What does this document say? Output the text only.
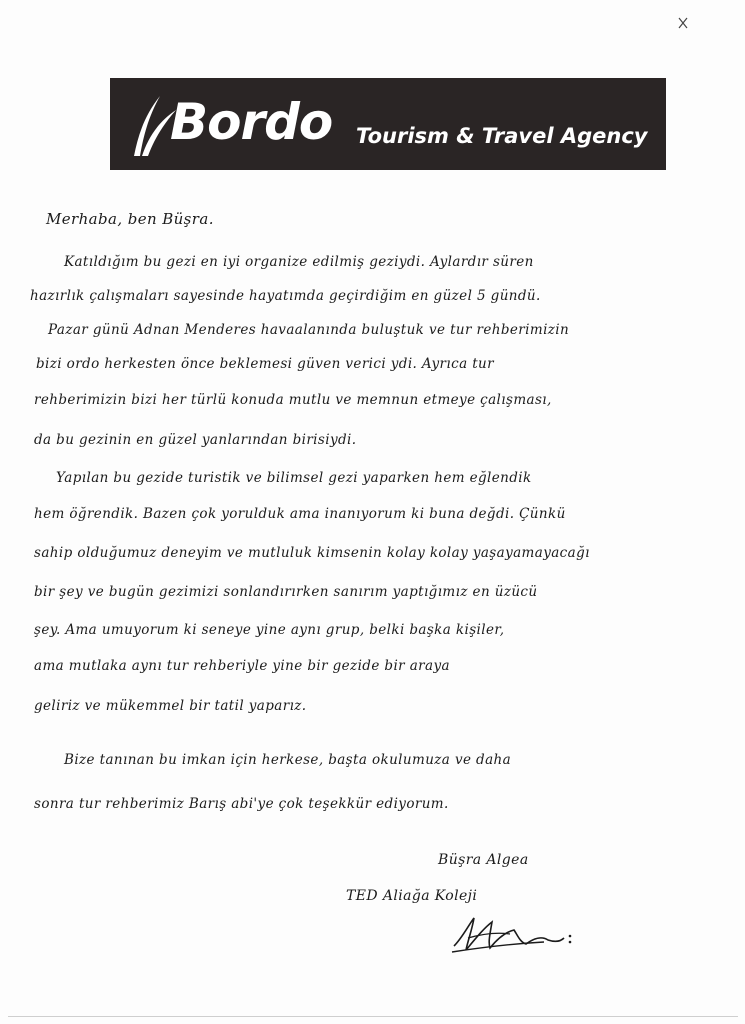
Bordo Tourism & Travel Agency
Merhaba, ben Büşra.
Katıldığım bu gezi en iyi organize edilmiş geziydi. Aylardır süren
hazırlık çalışmaları sayesinde hayatımda geçirdiğim en güzel 5 gündü.
Pazar günü Adnan Menderes havaalanında buluştuk ve tur rehberimizin
bizi ordo herkesten önce beklemesi güven verici ydi. Ayrıca tur
rehberimizin bizi her türlü konuda mutlu ve memnun etmeye çalışması,
da bu gezinin en güzel yanlarından birisiydi.
Yapılan bu gezide turistik ve bilimsel gezi yaparken hem eğlendik
hem öğrendik. Bazen çok yorulduk ama inanıyorum ki buna değdi. Çünkü
sahip olduğumuz deneyim ve mutluluk kimsenin kolay kolay yaşayamayacağı
bir şey ve bugün gezimizi sonlandırırken sanırım yaptığımız en üzücü
şey. Ama umuyorum ki seneye yine aynı grup, belki başka kişiler,
ama mutlaka aynı tur rehberiyle yine bir gezide bir araya
geliriz ve mükemmel bir tatil yaparız.
Bize tanınan bu imkan için herkese, başta okulumuza ve daha
sonra tur rehberimiz Barış abi'ye çok teşekkür ediyorum.
Büşra Algea
TED Aliağa Koleji
